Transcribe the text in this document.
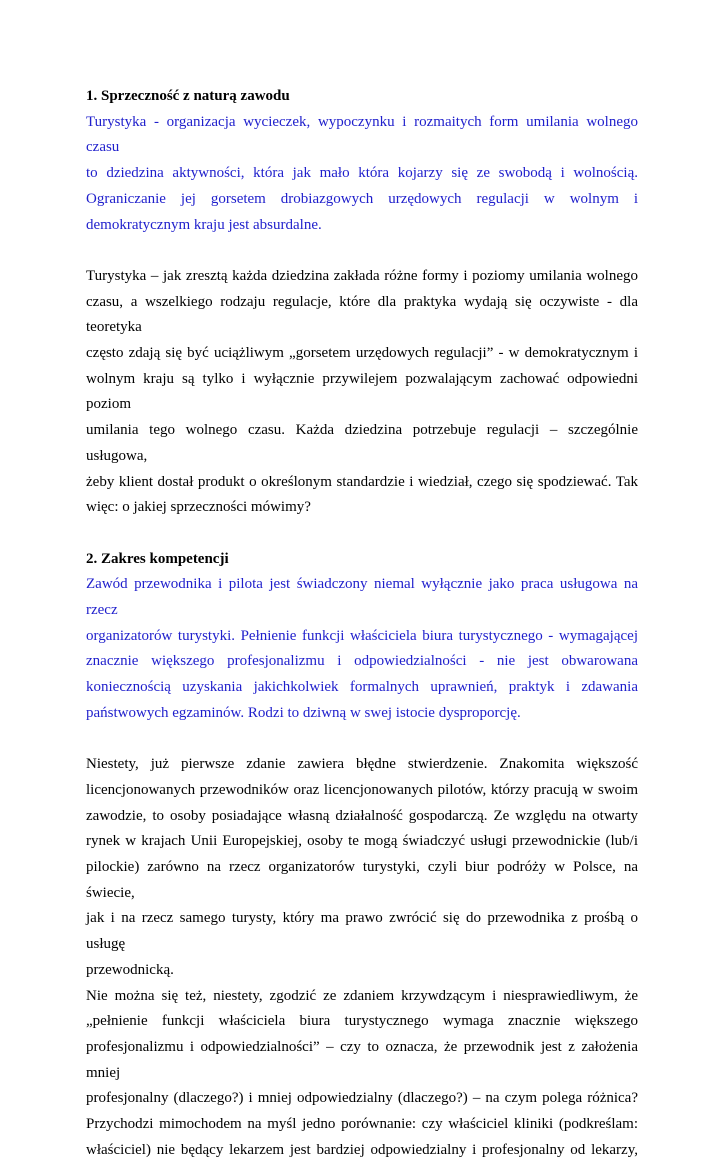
1. Sprzeczność z naturą zawodu

Turystyka - organizacja wycieczek, wypoczynku i rozmaitych form umilania wolnego czasu
to dziedzina aktywności, która jak mało która kojarzy się ze swobodą i wolnością.
Ograniczanie jej gorsetem drobiazgowych urzędowych regulacji w wolnym i
demokratycznym kraju jest absurdalne.

Turystyka – jak zresztą każda dziedzina zakłada różne formy i poziomy umilania wolnego
czasu, a wszelkiego rodzaju regulacje, które dla praktyka wydają się oczywiste - dla teoretyka
często zdają się być uciążliwym „gorsetem urzędowych regulacji” - w demokratycznym i
wolnym kraju są tylko i wyłącznie przywilejem pozwalającym zachować odpowiedni poziom
umilania tego wolnego czasu. Każda dziedzina potrzebuje regulacji – szczególnie usługowa,
żeby klient dostał produkt o określonym standardzie i wiedział, czego się spodziewać. Tak
więc: o jakiej sprzeczności mówimy?

2. Zakres kompetencji

Zawód przewodnika i pilota jest świadczony niemal wyłącznie jako praca usługowa na rzecz
organizatorów turystyki. Pełnienie funkcji właściciela biura turystycznego - wymagającej
znacznie większego profesjonalizmu i odpowiedzialności - nie jest obwarowana
koniecznością uzyskania jakichkolwiek formalnych uprawnień, praktyk i zdawania
państwowych egzaminów. Rodzi to dziwną w swej istocie dysproporcję.

Niestety, już pierwsze zdanie zawiera błędne stwierdzenie. Znakomita większość
licencjonowanych przewodników oraz licencjonowanych pilotów, którzy pracują w swoim
zawodzie, to osoby posiadające własną działalność gospodarczą. Ze względu na otwarty
rynek w krajach Unii Europejskiej, osoby te mogą świadczyć usługi przewodnickie (lub/i
pilockie) zarówno na rzecz organizatorów turystyki, czyli biur podróży w Polsce, na świecie,
jak i na rzecz samego turysty, który ma prawo zwrócić się do przewodnika z prośbą o usługę
przewodnicką.

Nie można się też, niestety, zgodzić ze zdaniem krzywdzącym i niesprawiedliwym, że
„pełnienie funkcji właściciela biura turystycznego wymaga znacznie większego
profesjonalizmu i odpowiedzialności” – czy to oznacza, że przewodnik jest z założenia mniej
profesjonalny (dlaczego?) i mniej odpowiedzialny (dlaczego?) – na czym polega różnica?
Przychodzi mimochodem na myśl jedno porównanie: czy właściciel kliniki (podkreślam:
właściciel) nie będący lekarzem jest bardziej odpowiedzialny i profesjonalny od lekarzy,
